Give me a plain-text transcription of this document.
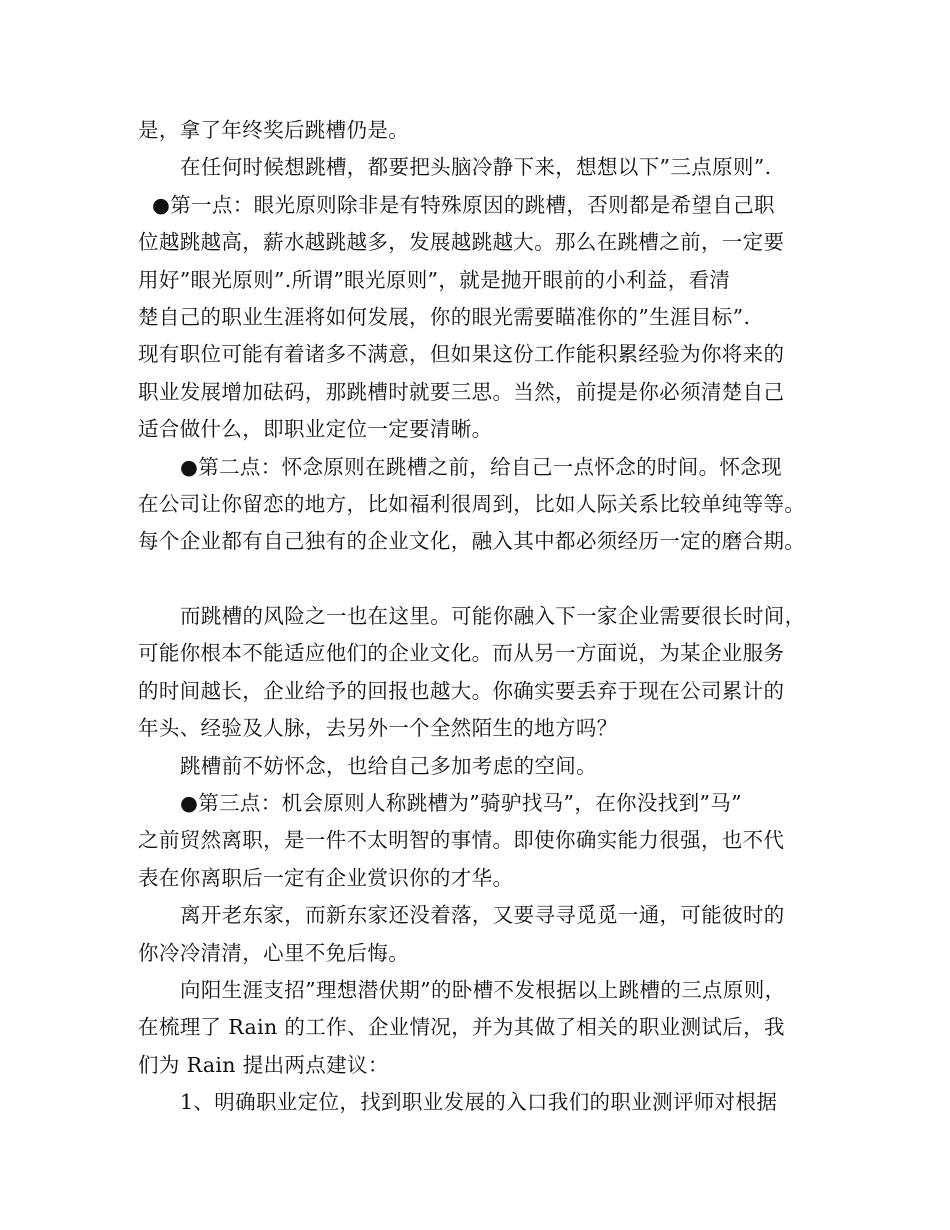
是，拿了年终奖后跳槽仍是。
在任何时候想跳槽，都要把头脑冷静下来，想想以下”三点原则”.
●第一点：眼光原则除非是有特殊原因的跳槽，否则都是希望自己职
位越跳越高，薪水越跳越多，发展越跳越大。那么在跳槽之前，一定要
用好”眼光原则”.所谓”眼光原则”，就是抛开眼前的小利益，看清
楚自己的职业生涯将如何发展，你的眼光需要瞄准你的”生涯目标”.
现有职位可能有着诸多不满意，但如果这份工作能积累经验为你将来的
职业发展增加砝码，那跳槽时就要三思。当然，前提是你必须清楚自己
适合做什么，即职业定位一定要清晰。
●第二点：怀念原则在跳槽之前，给自己一点怀念的时间。怀念现
在公司让你留恋的地方，比如福利很周到，比如人际关系比较单纯等等。
每个企业都有自己独有的企业文化，融入其中都必须经历一定的磨合期。
而跳槽的风险之一也在这里。可能你融入下一家企业需要很长时间，
可能你根本不能适应他们的企业文化。而从另一方面说，为某企业服务
的时间越长，企业给予的回报也越大。你确实要丢弃于现在公司累计的
年头、经验及人脉，去另外一个全然陌生的地方吗？
跳槽前不妨怀念，也给自己多加考虑的空间。
●第三点：机会原则人称跳槽为”骑驴找马”，在你没找到”马”
之前贸然离职，是一件不太明智的事情。即使你确实能力很强，也不代
表在你离职后一定有企业赏识你的才华。
离开老东家，而新东家还没着落，又要寻寻觅觅一通，可能彼时的
你冷冷清清，心里不免后悔。
向阳生涯支招”理想潜伏期”的卧槽不发根据以上跳槽的三点原则，
在梳理了 Rain 的工作、企业情况，并为其做了相关的职业测试后，我
们为 Rain 提出两点建议：
1、明确职业定位，找到职业发展的入口我们的职业测评师对根据
